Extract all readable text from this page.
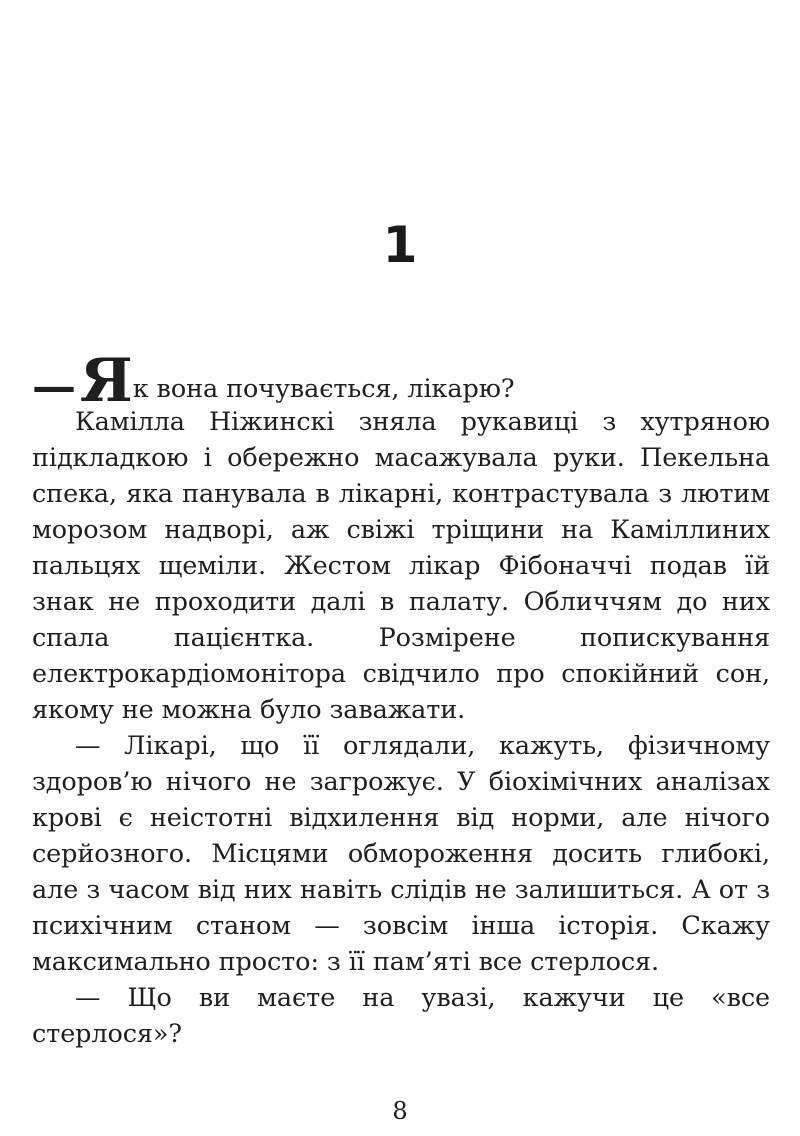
1

—Як вона почувається, лікарю?

Камілла Ніжинскі зняла рукавиці з хутряною підкладкою і обережно масажувала руки. Пекельна спека, яка панувала в лікарні, контрастувала з лютим морозом надворі, аж свіжі тріщини на Каміллиних пальцях щеміли. Жестом лікар Фібоначчі подав їй знак не проходити далі в палату. Обличчям до них спала пацієнтка. Розмірене попискування електрокардіомонітора свідчило про спокійний сон, якому не можна було заважати.

— Лікарі, що її оглядали, кажуть, фізичному здоров’ю нічого не загрожує. У біохімічних аналізах крові є неістотні відхилення від норми, але нічого серйозного. Місцями обмороження досить глибокі, але з часом від них навіть слідів не залишиться. А от з психічним станом — зовсім інша історія. Скажу максимально просто: з її пам’яті все стерлося.

— Що ви маєте на увазі, кажучи це «все стерлося»?

8
